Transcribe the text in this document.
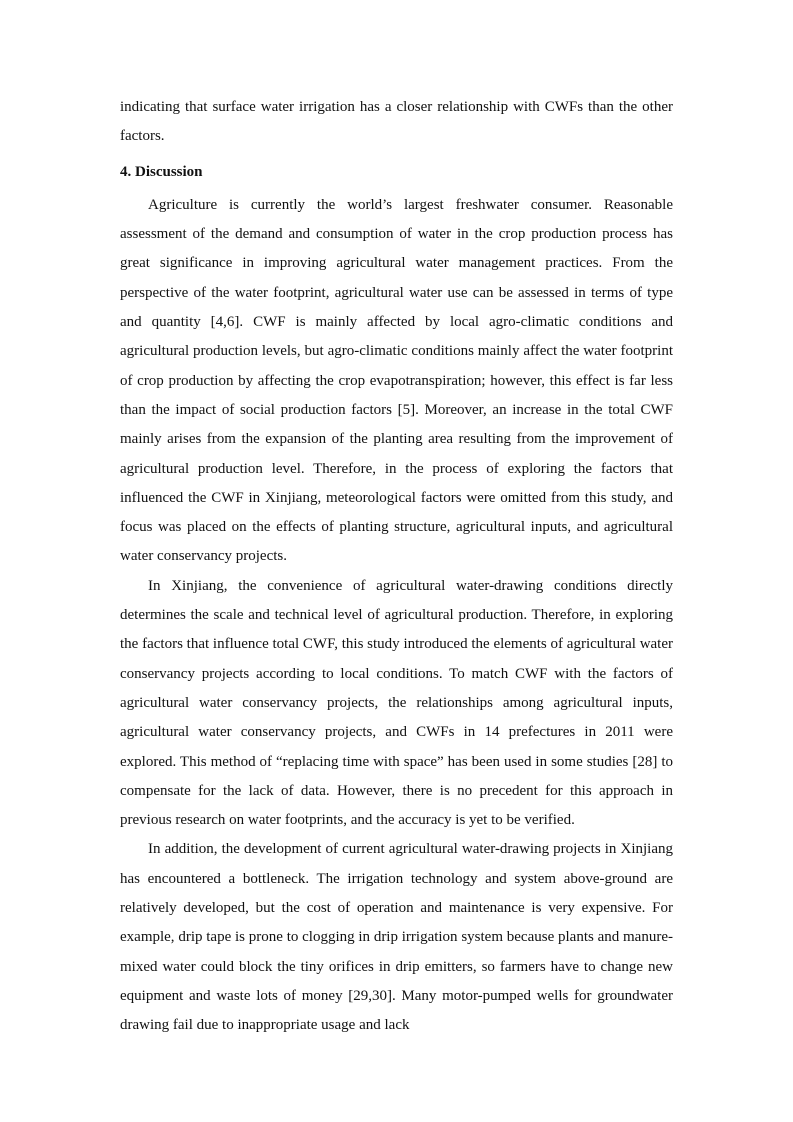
indicating that surface water irrigation has a closer relationship with CWFs than the other factors.

4. Discussion

Agriculture is currently the world’s largest freshwater consumer. Reasonable assessment of the demand and consumption of water in the crop production process has great significance in improving agricultural water management practices. From the perspective of the water footprint, agricultural water use can be assessed in terms of type and quantity [4,6]. CWF is mainly affected by local agro-climatic conditions and agricultural production levels, but agro-climatic conditions mainly affect the water footprint of crop production by affecting the crop evapotranspiration; however, this effect is far less than the impact of social production factors [5]. Moreover, an increase in the total CWF mainly arises from the expansion of the planting area resulting from the improvement of agricultural production level. Therefore, in the process of exploring the factors that influenced the CWF in Xinjiang, meteorological factors were omitted from this study, and focus was placed on the effects of planting structure, agricultural inputs, and agricultural water conservancy projects.

In Xinjiang, the convenience of agricultural water-drawing conditions directly determines the scale and technical level of agricultural production. Therefore, in exploring the factors that influence total CWF, this study introduced the elements of agricultural water conservancy projects according to local conditions. To match CWF with the factors of agricultural water conservancy projects, the relationships among agricultural inputs, agricultural water conservancy projects, and CWFs in 14 prefectures in 2011 were explored. This method of “replacing time with space” has been used in some studies [28] to compensate for the lack of data. However, there is no precedent for this approach in previous research on water footprints, and the accuracy is yet to be verified.

In addition, the development of current agricultural water-drawing projects in Xinjiang has encountered a bottleneck. The irrigation technology and system above-ground are relatively developed, but the cost of operation and maintenance is very expensive. For example, drip tape is prone to clogging in drip irrigation system because plants and manure-mixed water could block the tiny orifices in drip emitters, so farmers have to change new equipment and waste lots of money [29,30]. Many motor-pumped wells for groundwater drawing fail due to inappropriate usage and lack
